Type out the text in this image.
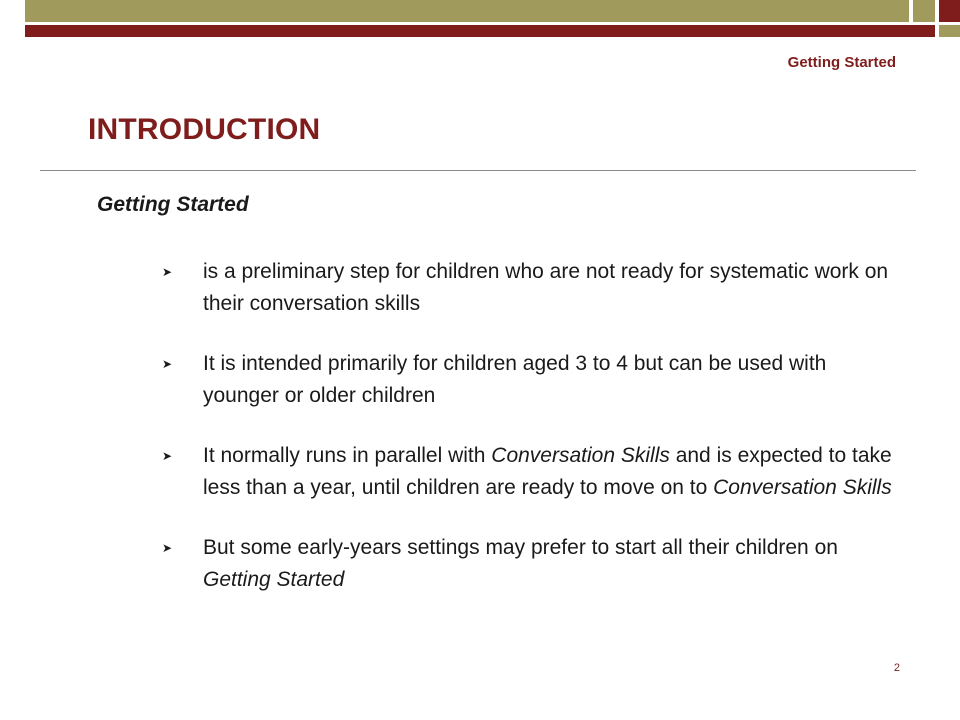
Getting Started
INTRODUCTION
Getting Started
➤ is a preliminary step for children who are not ready for systematic work on their conversation skills
➤ It is intended primarily for children aged 3 to 4 but can be used with younger or older children
➤ It normally runs in parallel with Conversation Skills and is expected to take less than a year, until children are ready to move on to Conversation Skills
➤ But some early-years settings may prefer to start all their children on Getting Started
2
